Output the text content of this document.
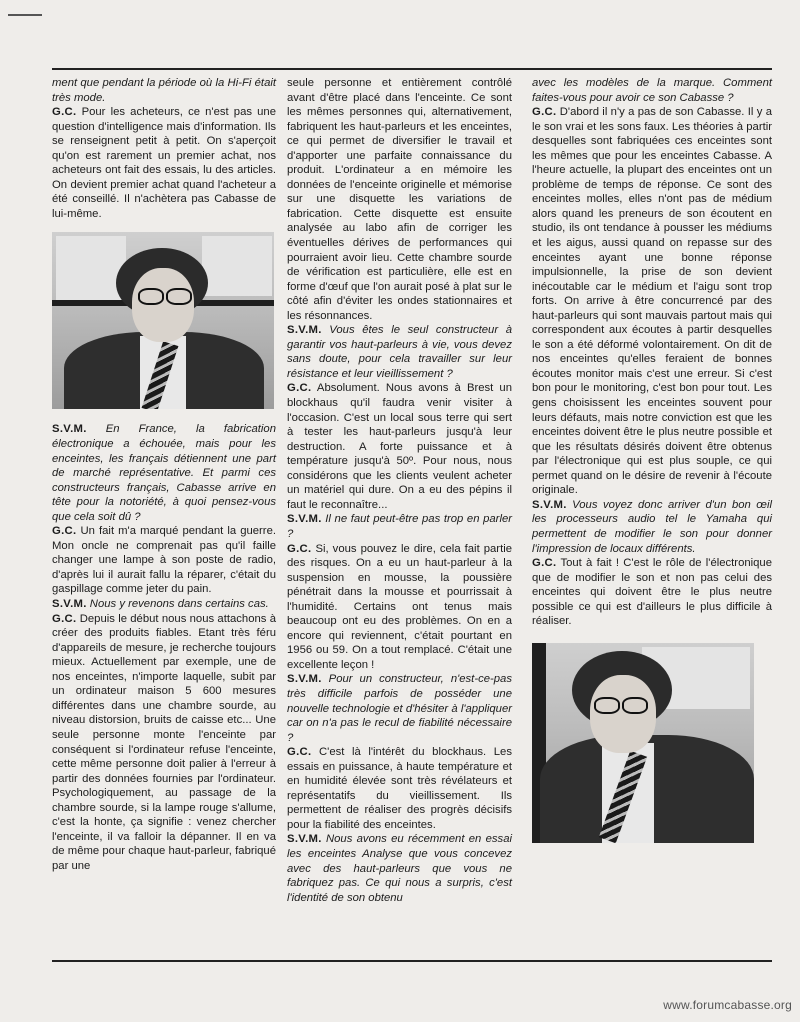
ment que pendant la période où la Hi-Fi était très mode.

G.C. Pour les acheteurs, ce n'est pas une question d'intelligence mais d'information. Ils se renseignent petit à petit. On s'aperçoit qu'on est rarement un premier achat, nos acheteurs ont fait des essais, lu des articles. On devient premier achat quand l'acheteur a été conseillé. Il n'achètera pas Cabasse de lui-même.

S.V.M. En France, la fabrication électronique a échouée, mais pour les enceintes, les français détiennent une part de marché représentative. Et parmi ces constructeurs français, Cabasse arrive en tête pour la notoriété, à quoi pensez-vous que cela soit dû ?

G.C. Un fait m'a marqué pendant la guerre. Mon oncle ne comprenait pas qu'il faille changer une lampe à son poste de radio, d'après lui il aurait fallu la réparer, c'était du gaspillage comme jeter du pain.

S.V.M. Nous y revenons dans certains cas.

G.C. Depuis le début nous nous attachons à créer des produits fiables. Etant très féru d'appareils de mesure, je recherche toujours mieux. Actuellement par exemple, une de nos enceintes, n'importe laquelle, subit par un ordinateur maison 5 600 mesures différentes dans une chambre sourde, au niveau distorsion, bruits de caisse etc... Une seule personne monte l'enceinte par conséquent si l'ordinateur refuse l'enceinte, cette même personne doit palier à l'erreur à partir des données fournies par l'ordinateur. Psychologiquement, au passage de la chambre sourde, si la lampe rouge s'allume, c'est la honte, ça signifie : venez chercher l'enceinte, il va falloir la dépanner. Il en va de même pour chaque haut-parleur, fabriqué par une

seule personne et entièrement contrôlé avant d'être placé dans l'enceinte. Ce sont les mêmes personnes qui, alternativement, fabriquent les haut-parleurs et les enceintes, ce qui permet de diversifier le travail et d'apporter une parfaite connaissance du produit. L'ordinateur a en mémoire les données de l'enceinte originelle et mémorise sur une disquette les variations de fabrication. Cette disquette est ensuite analysée au labo afin de corriger les éventuelles dérives de performances qui pourraient avoir lieu. Cette chambre sourde de vérification est particulière, elle est en forme d'œuf que l'on aurait posé à plat sur le côté afin d'éviter les ondes stationnaires et les résonnances.

S.V.M. Vous êtes le seul constructeur à garantir vos haut-parleurs à vie, vous devez sans doute, pour cela travailler sur leur résistance et leur vieillissement ?

G.C. Absolument. Nous avons à Brest un blockhaus qu'il faudra venir visiter à l'occasion. C'est un local sous terre qui sert à tester les haut-parleurs jusqu'à leur destruction. A forte puissance et à température jusqu'à 50º. Pour nous, nous considérons que les clients veulent acheter un matériel qui dure. On a eu des pépins il faut le reconnaître...

S.V.M. Il ne faut peut-être pas trop en parler ?

G.C. Si, vous pouvez le dire, cela fait partie des risques. On a eu un haut-parleur à la suspension en mousse, la poussière pénétrait dans la mousse et pourrissait à l'humidité. Certains ont tenus mais beaucoup ont eu des problèmes. On en a encore qui reviennent, c'était pourtant en 1956 ou 59. On a tout remplacé. C'était une excellente leçon !

S.V.M. Pour un constructeur, n'est-ce-pas très difficile parfois de posséder une nouvelle technologie et d'hésiter à l'appliquer car on n'a pas le recul de fiabilité nécessaire ?

G.C. C'est là l'intérêt du blockhaus. Les essais en puissance, à haute température et en humidité élevée sont très révélateurs et représentatifs du vieillissement. Ils permettent de réaliser des progrès décisifs pour la fiabilité des enceintes.

S.V.M. Nous avons eu récemment en essai les enceintes Analyse que vous concevez avec des haut-parleurs que vous ne fabriquez pas. Ce qui nous a surpris, c'est l'identité de son obtenu

avec les modèles de la marque. Comment faites-vous pour avoir ce son Cabasse ?

G.C. D'abord il n'y a pas de son Cabasse. Il y a le son vrai et les sons faux. Les théories à partir desquelles sont fabriquées ces enceintes sont les mêmes que pour les enceintes Cabasse. A l'heure actuelle, la plupart des enceintes ont un problème de temps de réponse. Ce sont des enceintes molles, elles n'ont pas de médium alors quand les preneurs de son écoutent en studio, ils ont tendance à pousser les médiums et les aigus, aussi quand on repasse sur des enceintes ayant une bonne réponse impulsionnelle, la prise de son devient inécoutable car le médium et l'aigu sont trop forts. On arrive à être concurrencé par des haut-parleurs qui sont mauvais partout mais qui correspondent aux écoutes à partir desquelles le son a été déformé volontairement. On dit de nos enceintes qu'elles feraient de bonnes écoutes monitor mais c'est une erreur. Si c'est bon pour le monitoring, c'est bon pour tout. Les gens choisissent les enceintes souvent pour leurs défauts, mais notre conviction est que les enceintes doivent être le plus neutre possible et que les résultats désirés doivent être obtenus par l'électronique qui est plus souple, ce qui permet quand on le désire de revenir à l'écoute originale.

S.V.M. Vous voyez donc arriver d'un bon œil les processeurs audio tel le Yamaha qui permettent de modifier le son pour donner l'impression de locaux différents.

G.C. Tout à fait ! C'est le rôle de l'électronique que de modifier le son et non pas celui des enceintes qui doivent être le plus neutre possible ce qui est d'ailleurs le plus difficile à réaliser.

www.forumcabasse.org
